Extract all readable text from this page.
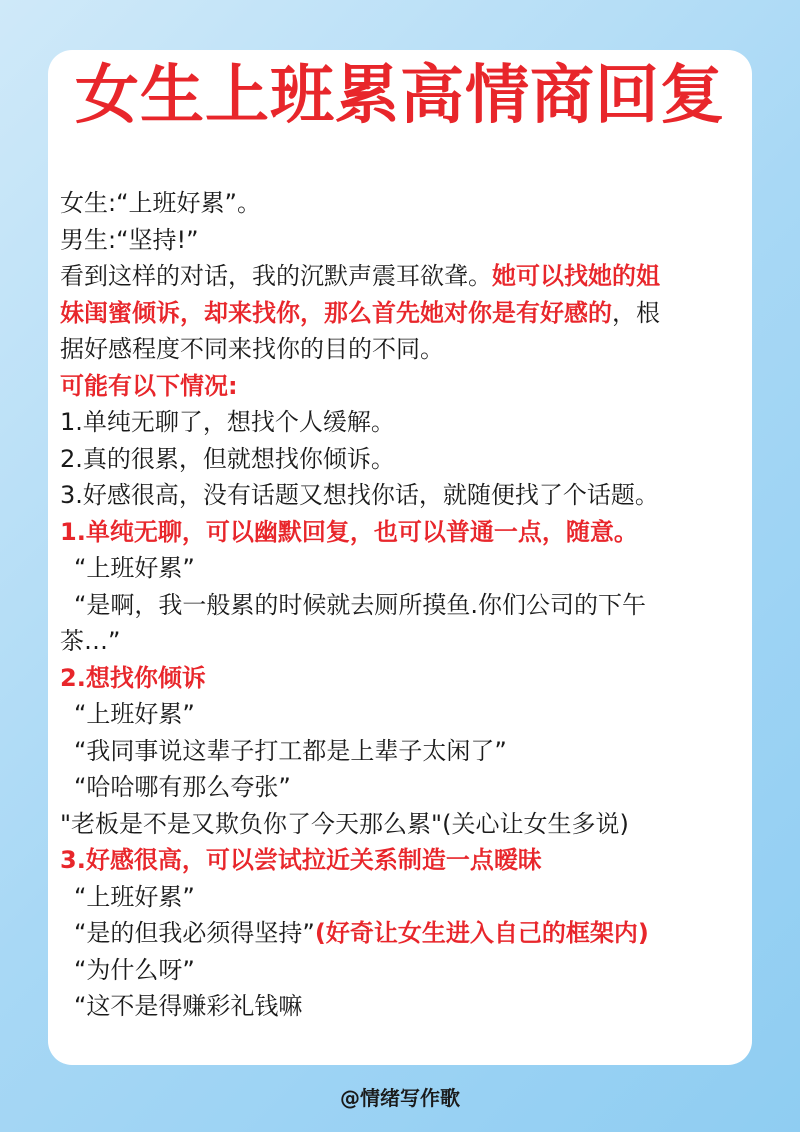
女生上班累高情商回复
女生:“上班好累”。
男生:“坚持!”
看到这样的对话，我的沉默声震耳欲聋。她可以找她的姐
妹闺蜜倾诉，却来找你，那么首先她对你是有好感的，根
据好感程度不同来找你的目的不同。
可能有以下情况:
1.单纯无聊了，想找个人缓解。
2.真的很累，但就想找你倾诉。
3.好感很高，没有话题又想找你话，就随便找了个话题。
1.单纯无聊，可以幽默回复，也可以普通一点，随意。
“上班好累”
“是啊，我一般累的时候就去厕所摸鱼.你们公司的下午
茶…”
2.想找你倾诉
“上班好累”
“我同事说这辈子打工都是上辈子太闲了”
“哈哈哪有那么夸张”
"老板是不是又欺负你了今天那么累"(关心让女生多说)
3.好感很高，可以尝试拉近关系制造一点暧昧
“上班好累”
“是的但我必须得坚持”(好奇让女生进入自己的框架内)
“为什么呀”
“这不是得赚彩礼钱嘛
@情绪写作歌
